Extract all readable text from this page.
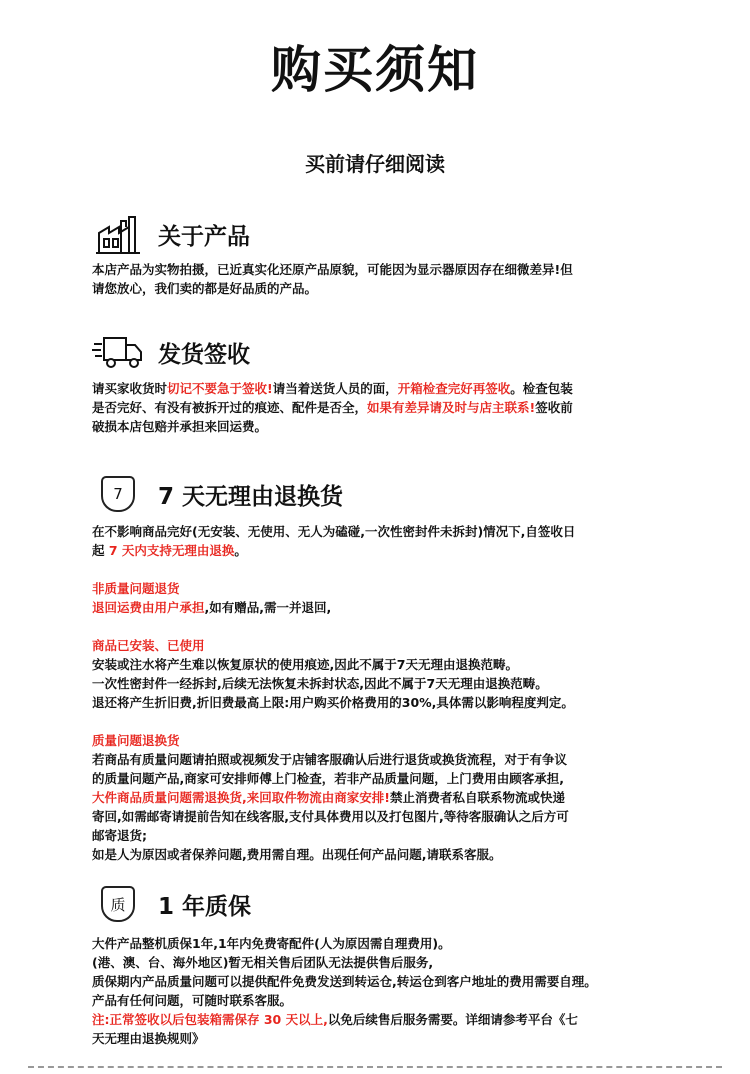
购买须知
买前请仔细阅读
关于产品
本店产品为实物拍摄，已近真实化还原产品原貌，可能因为显示器原因存在细微差异!但
请您放心，我们卖的都是好品质的产品。
发货签收
请买家收货时切记不要急于签收!请当着送货人员的面，开箱检查完好再签收。检查包装
是否完好、有没有被拆开过的痕迹、配件是否全，如果有差异请及时与店主联系!签收前
破损本店包赔并承担来回运费。
7	7 天无理由退换货
在不影响商品完好(无安装、无使用、无人为磕碰,一次性密封件未拆封)情况下,自签收日
起 7 天内支持无理由退换。
非质量问题退货
退回运费由用户承担,如有赠品,需一并退回,
商品已安装、已使用
安装或注水将产生难以恢复原状的使用痕迹,因此不属于7天无理由退换范畴。
一次性密封件一经拆封,后续无法恢复未拆封状态,因此不属于7天无理由退换范畴。
退还将产生折旧费,折旧费最高上限:用户购买价格费用的30%,具体需以影响程度判定。
质量问题退换货
若商品有质量问题请拍照或视频发于店铺客服确认后进行退货或换货流程，对于有争议
的质量问题产品,商家可安排师傅上门检查，若非产品质量问题，上门费用由顾客承担,
大件商品质量问题需退换货,来回取件物流由商家安排!禁止消费者私自联系物流或快递
寄回,如需邮寄请提前告知在线客服,支付具体费用以及打包图片,等待客服确认之后方可
邮寄退货;
如是人为原因或者保养问题,费用需自理。出现任何产品问题,请联系客服。
质	1 年质保
大件产品整机质保1年,1年内免费寄配件(人为原因需自理费用)。
(港、澳、台、海外地区)暂无相关售后团队无法提供售后服务,
质保期内产品质量问题可以提供配件免费发送到转运仓,转运仓到客户地址的费用需要自理。
产品有任何问题，可随时联系客服。
注:正常签收以后包装箱需保存 30 天以上,以免后续售后服务需要。详细请参考平台《七
天无理由退换规则》
